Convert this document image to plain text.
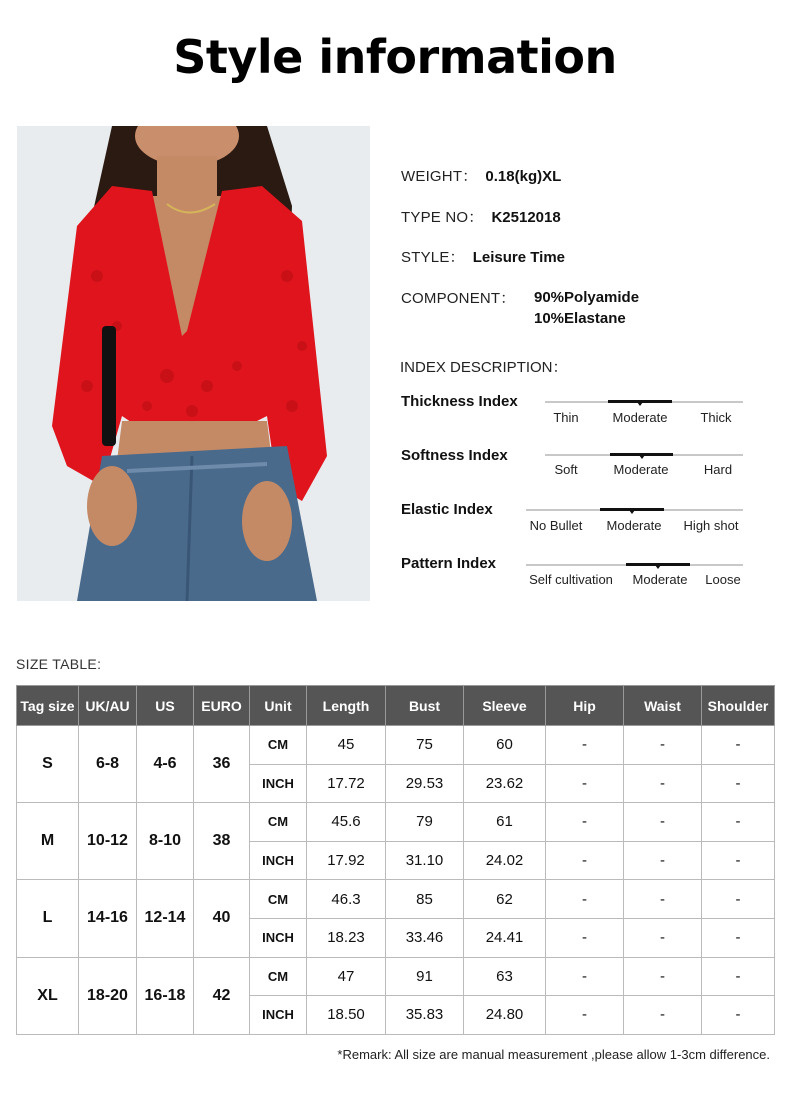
Style information
WEIGHT： 0.18(kg)XL
TYPE NO： K2512018
STYLE： Leisure Time
COMPONENT： 90%Polyamide
10%Elastane
INDEX DESCRIPTION：
Thickness Index
Thin	Moderate	Thick
Softness Index
Soft	Moderate	Hard
Elastic Index
No Bullet Moderate High shot
Pattern Index
Self cultivation Moderate Loose
SIZE TABLE:
Tag size	UK/AU	US	EURO	Unit	Length	Bust	Sleeve	Hip	Waist	Shoulder
S	6-8	4-6	36	CM	45	75	60	-	-	-
				INCH	17.72	29.53	23.62	-	-	-
M	10-12	8-10	38	CM	45.6	79	61	-	-	-
				INCH	17.92	31.10	24.02	-	-	-
L	14-16	12-14	40	CM	46.3	85	62	-	-	-
				INCH	18.23	33.46	24.41	-	-	-
XL	18-20	16-18	42	CM	47	91	63	-	-	-
				INCH	18.50	35.83	24.80	-	-	-
*Remark: All size are manual measurement ,please allow 1-3cm difference.
